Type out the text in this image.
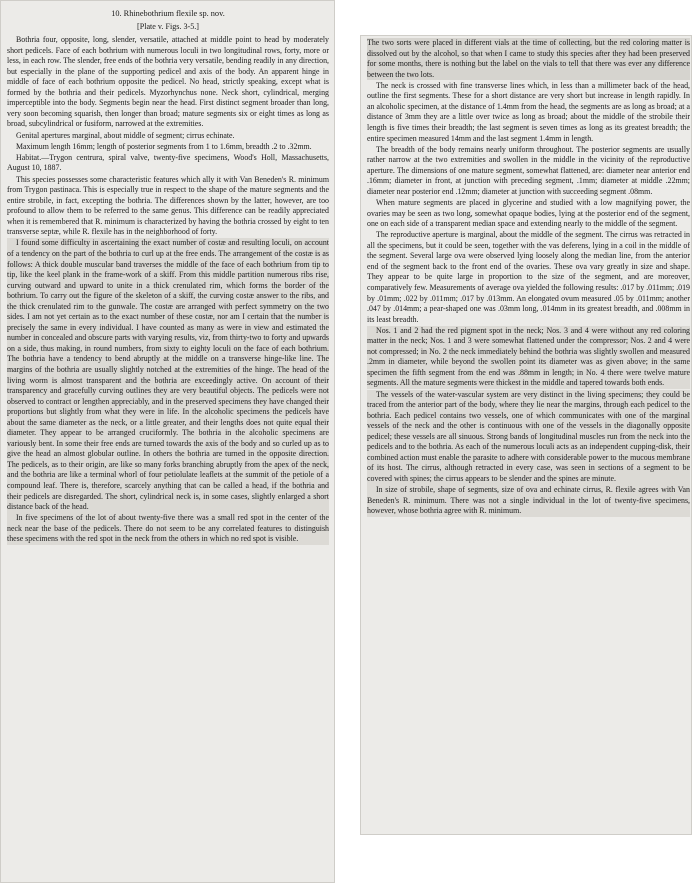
10. Rhinebothrium flexile sp. nov.
[Plate v. Figs. 3-5.]

Bothria four, opposite, long, slender, versatile, attached at middle point to head by moderately short pedicels. Face of each bothrium with numerous loculi in two longitudinal rows, forty, more or less, in each row. The slender, free ends of the bothria very versatile, bending readily in any direction, but especially in the plane of the supporting pedicel and axis of the body. An apparent hinge in middle of face of each bothrium opposite the pedicel. No head, strictly speaking, except what is formed by the bothria and their pedicels. Myzorhynchus none. Neck short, cylindrical, merging imperceptible into the body. Segments begin near the head. First distinct segment broader than long, very soon becoming squarish, then longer than broad; mature segments six or eight times as long as broad, subcylindrical or fusiform, narrowed at the extremities.

Genital apertures marginal, about middle of segment; cirrus echinate.

Maximum length 16mm; length of posterior segments from 1 to 1.6mm, breadth .2 to .32mm.

Habitat.—Trygon centrura, spiral valve, twenty-five specimens, Wood's Holl, Massachusetts, August 10, 1887.

This species possesses some characteristic features which ally it with Van Beneden's R. minimum from Trygon pastinaca. This is especially true in respect to the shape of the mature segments and the entire strobile, in fact, excepting the bothria. The differences shown by the latter, however, are too profound to allow them to be referred to the same genus. This difference can be readily appreciated when it is remembered that R. minimum is characterized by having the bothria crossed by eight to ten transverse septæ, while R. flexile has in the neighborhood of forty.

I found some difficulty in ascertaining the exact number of costæ and resulting loculi, on account of a tendency on the part of the bothria to curl up at the free ends. The arrangement of the costæ is as follows: A thick double muscular band traverses the middle of the face of each bothrium from tip to tip, like the keel plank in the frame-work of a skiff. From this middle partition numerous ribs rise, curving outward and upward to unite in a thick crenulated rim, which forms the border of the bothrium. To carry out the figure of the skeleton of a skiff, the curving costæ answer to the ribs, and the thick crenulated rim to the gunwale. The costæ are arranged with perfect symmetry on the two sides. I am not yet certain as to the exact number of these costæ, nor am I certain that the number is precisely the same in every individual. I have counted as many as were in view and estimated the number in concealed and obscure parts with varying results, viz, from thirty-two to forty and upwards on a side, thus making, in round numbers, from sixty to eighty loculi on the face of each bothrium. The bothria have a tendency to bend abruptly at the middle on a transverse hinge-like line. The margins of the bothria are usually slightly notched at the extremities of the hinge. The head of the living worm is almost transparent and the bothria are exceedingly active. On account of their transparency and gracefully curving outlines they are very beautiful objects. The pedicels were not observed to contract or lengthen appreciably, and in the preserved specimens they have changed their proportions but slightly from what they were in life. In the alcoholic specimens the pedicels have about the same diameter as the neck, or a little greater, and their lengths does not quite equal their diameter. They appear to be arranged cruciformly. The bothria in the alcoholic specimens are variously bent. In some their free ends are turned towards the axis of the body and so curled up as to give the head an almost globular outline. In others the bothria are turned in the opposite direction. The pedicels, as to their origin, are like so many forks branching abruptly from the apex of the neck, and the bothria are like a terminal whorl of four petiolulate leaflets at the summit of the petiole of a compound leaf. There is, therefore, scarcely anything that can be called a head, if the bothria and their pedicels are disregarded. The short, cylindrical neck is, in some cases, slightly enlarged a short distance back of the head.

In five specimens of the lot of about twenty-five there was a small red spot in the center of the neck near the base of the pedicels. There do not seem to be any correlated features to distinguish these specimens with the red spot in the neck from the others in which no red spot is visible.

The two sorts were placed in different vials at the time of collecting, but the red coloring matter is dissolved out by the alcohol, so that when I came to study this species after they had been preserved for some months, there is nothing but the label on the vials to tell that there was ever any difference between the two lots.

The neck is crossed with fine transverse lines which, in less than a millimeter back of the head, outline the first segments. These for a short distance are very short but increase in length rapidly. In an alcoholic specimen, at the distance of 1.4mm from the head, the segments are as long as broad; at a distance of 3mm they are a little over twice as long as broad; about the middle of the strobile their length is five times their breadth; the last segment is seven times as long as its greatest breadth; the entire specimen measured 14mm and the last segment 1.4mm in length.

The breadth of the body remains nearly uniform throughout. The posterior segments are usually rather narrow at the two extremities and swollen in the middle in the vicinity of the reproductive aperture. The dimensions of one mature segment, somewhat flattened, are: diameter near anterior end .16mm; diameter in front, at junction with preceding segment, .1mm; diameter at middle .22mm; diameter near posterior end .12mm; diameter at junction with succeeding segment .08mm.

When mature segments are placed in glycerine and studied with a low magnifying power, the ovaries may be seen as two long, somewhat opaque bodies, lying at the posterior end of the segment, one on each side of a transparent median space and extending nearly to the middle of the segment.

The reproductive aperture is marginal, about the middle of the segment. The cirrus was retracted in all the specimens, but it could be seen, together with the vas deferens, lying in a coil in the middle of the segment. Several large ova were observed lying loosely along the median line, from the anterior end of the segment back to the front end of the ovaries. These ova vary greatly in size and shape. They appear to be quite large in proportion to the size of the segment, and are moreover, comparatively few. Measurements of average ova yielded the following results: .017 by .011mm; .019 by .01mm; .022 by .011mm; .017 by .013mm. An elongated ovum measured .05 by .011mm; another .047 by .014mm; a pear-shaped one was .03mm long, .014mm in its greatest breadth, and .008mm in its least breadth.

Nos. 1 and 2 had the red pigment spot in the neck; Nos. 3 and 4 were without any red coloring matter in the neck; Nos. 1 and 3 were somewhat flattened under the compressor; Nos. 2 and 4 were not compressed; in No. 2 the neck immediately behind the bothria was slightly swollen and measured .2mm in diameter, while beyond the swollen point its diameter was as given above; in the same specimen the fifth segment from the end was .88mm in length; in No. 4 there were twelve mature segments. All the mature segments were thickest in the middle and tapered towards both ends.

The vessels of the water-vascular system are very distinct in the living specimens; they could be traced from the anterior part of the body, where they lie near the margins, through each pedicel to the bothria. Each pedicel contains two vessels, one of which communicates with one of the marginal vessels of the neck and the other is continuous with one of the vessels in the diagonally opposite pedicel; these vessels are all sinuous. Strong bands of longitudinal muscles run from the neck into the pedicels and to the bothria. As each of the numerous loculi acts as an independent cupping-disk, their combined action must enable the parasite to adhere with considerable power to the mucous membrane of its host. The cirrus, although retracted in every case, was seen in sections of a segment to be covered with spines; the cirrus appears to be slender and the spines are minute.

In size of strobile, shape of segments, size of ova and echinate cirrus, R. flexile agrees with Van Beneden's R. minimum. There was not a single individual in the lot of twenty-five specimens, however, whose bothria agree with R. minimum.
